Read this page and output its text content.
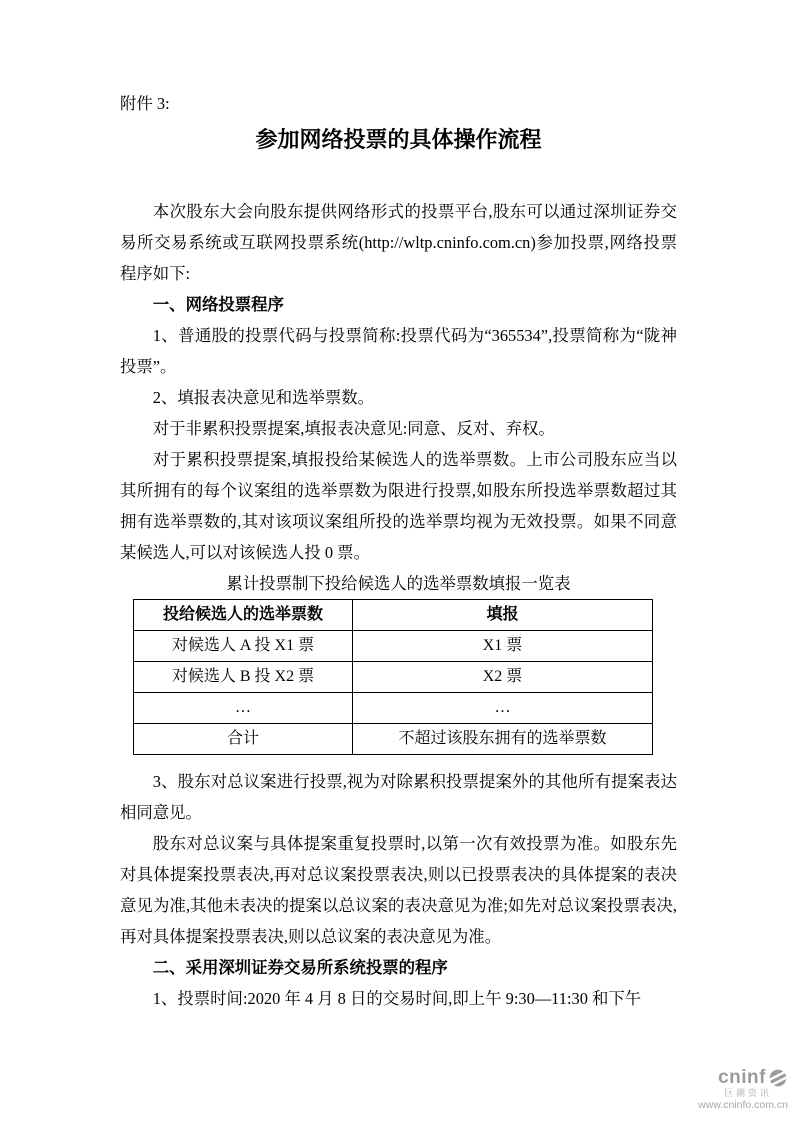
附件 3:
参加网络投票的具体操作流程

本次股东大会向股东提供网络形式的投票平台,股东可以通过深圳证券交易所交易系统或互联网投票系统(http://wltp.cninfo.com.cn)参加投票,网络投票程序如下:

一、网络投票程序

1、普通股的投票代码与投票简称:投票代码为“365534”,投票简称为“陇神投票”。

2、填报表决意见和选举票数。

对于非累积投票提案,填报表决意见:同意、反对、弃权。

对于累积投票提案,填报投给某候选人的选举票数。上市公司股东应当以其所拥有的每个议案组的选举票数为限进行投票,如股东所投选举票数超过其拥有选举票数的,其对该项议案组所投的选举票均视为无效投票。如果不同意某候选人,可以对该候选人投 0 票。

累计投票制下投给候选人的选举票数填报一览表
投给候选人的选举票数	填报
对候选人 A 投 X1 票	X1 票
对候选人 B 投 X2 票	X2 票
…	…
合计	不超过该股东拥有的选举票数

3、股东对总议案进行投票,视为对除累积投票提案外的其他所有提案表达相同意见。

股东对总议案与具体提案重复投票时,以第一次有效投票为准。如股东先对具体提案投票表决,再对总议案投票表决,则以已投票表决的具体提案的表决意见为准,其他未表决的提案以总议案的表决意见为准;如先对总议案投票表决,再对具体提案投票表决,则以总议案的表决意见为准。

二、采用深圳证券交易所系统投票的程序

1、投票时间:2020 年 4 月 8 日的交易时间,即上午 9:30—11:30 和下午

cninf
巨潮资讯
www.cninfo.com.cn
